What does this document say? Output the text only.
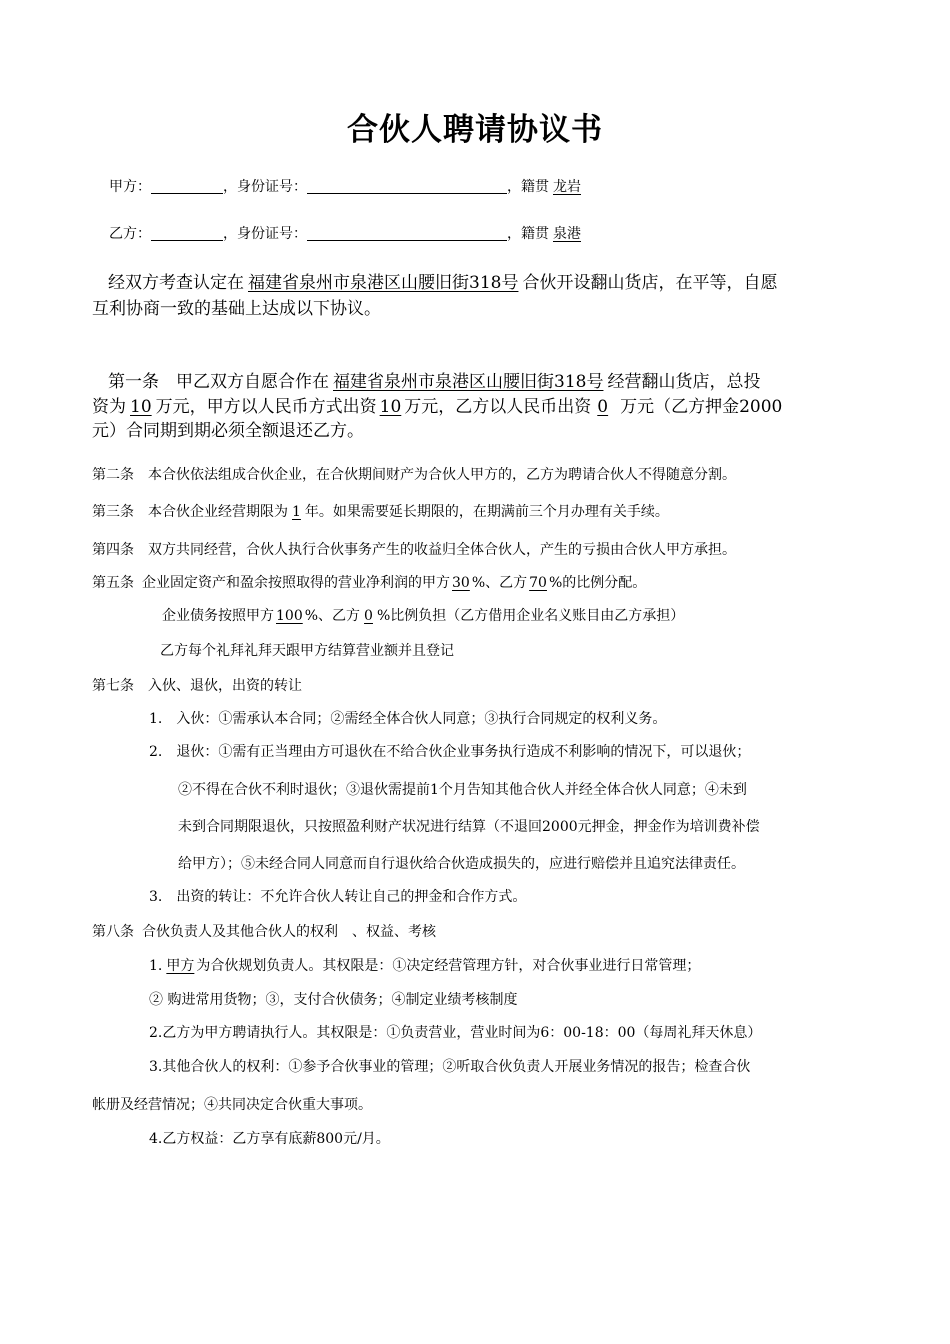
合伙人聘请协议书
甲方：	，身份证号：	，籍贯 龙岩
乙方：	，身份证号：	，籍贯 泉港
经双方考查认定在 福建省泉州市泉港区山腰旧街318号 合伙开设翻山货店，在平等，自愿
互利协商一致的基础上达成以下协议。
第一条 甲乙双方自愿合作在 福建省泉州市泉港区山腰旧街318号 经营翻山货店，总投
资为 10 万元，甲方以人民币方式出资 10 万元，乙方以人民币出资 0 万元（乙方押金2000
元）合同期到期必须全额退还乙方。
第二条 本合伙依法组成合伙企业，在合伙期间财产为合伙人甲方的，乙方为聘请合伙人不得随意分割。
第三条 本合伙企业经营期限为 1 年。如果需要延长期限的，在期满前三个月办理有关手续。
第四条 双方共同经营，合伙人执行合伙事务产生的收益归全体合伙人，产生的亏损由合伙人甲方承担。
第五条 企业固定资产和盈余按照取得的营业净利润的甲方 30 %、乙方 70 %的比例分配。
企业债务按照甲方 100 %、乙方 0 %比例负担（乙方借用企业名义账目由乙方承担）
乙方每个礼拜礼拜天跟甲方结算营业额并且登记
第七条 入伙、退伙，出资的转让
1. 入伙：①需承认本合同；②需经全体合伙人同意；③执行合同规定的权利义务。
2. 退伙：①需有正当理由方可退伙在不给合伙企业事务执行造成不利影响的情况下，可以退伙；
②不得在合伙不利时退伙；③退伙需提前1个月告知其他合伙人并经全体合伙人同意；④未到
未到合同期限退伙，只按照盈利财产状况进行结算（不退回2000元押金，押金作为培训费补偿
给甲方）；⑤未经合同人同意而自行退伙给合伙造成损失的，应进行赔偿并且追究法律责任。
3. 出资的转让：不允许合伙人转让自己的押金和合作方式。
第八条 合伙负责人及其他合伙人的权利　、权益、考核
1. 甲方 为合伙规划负责人。其权限是：①决定经营管理方针，对合伙事业进行日常管理；
② 购进常用货物；③，支付合伙债务；④制定业绩考核制度
2.乙方为甲方聘请执行人。其权限是：①负责营业，营业时间为6：00-18：00（每周礼拜天休息）
3.其他合伙人的权利：①参予合伙事业的管理；②听取合伙负责人开展业务情况的报告；检查合伙
帐册及经营情况；④共同决定合伙重大事项。
4.乙方权益：乙方享有底薪800元/月。
